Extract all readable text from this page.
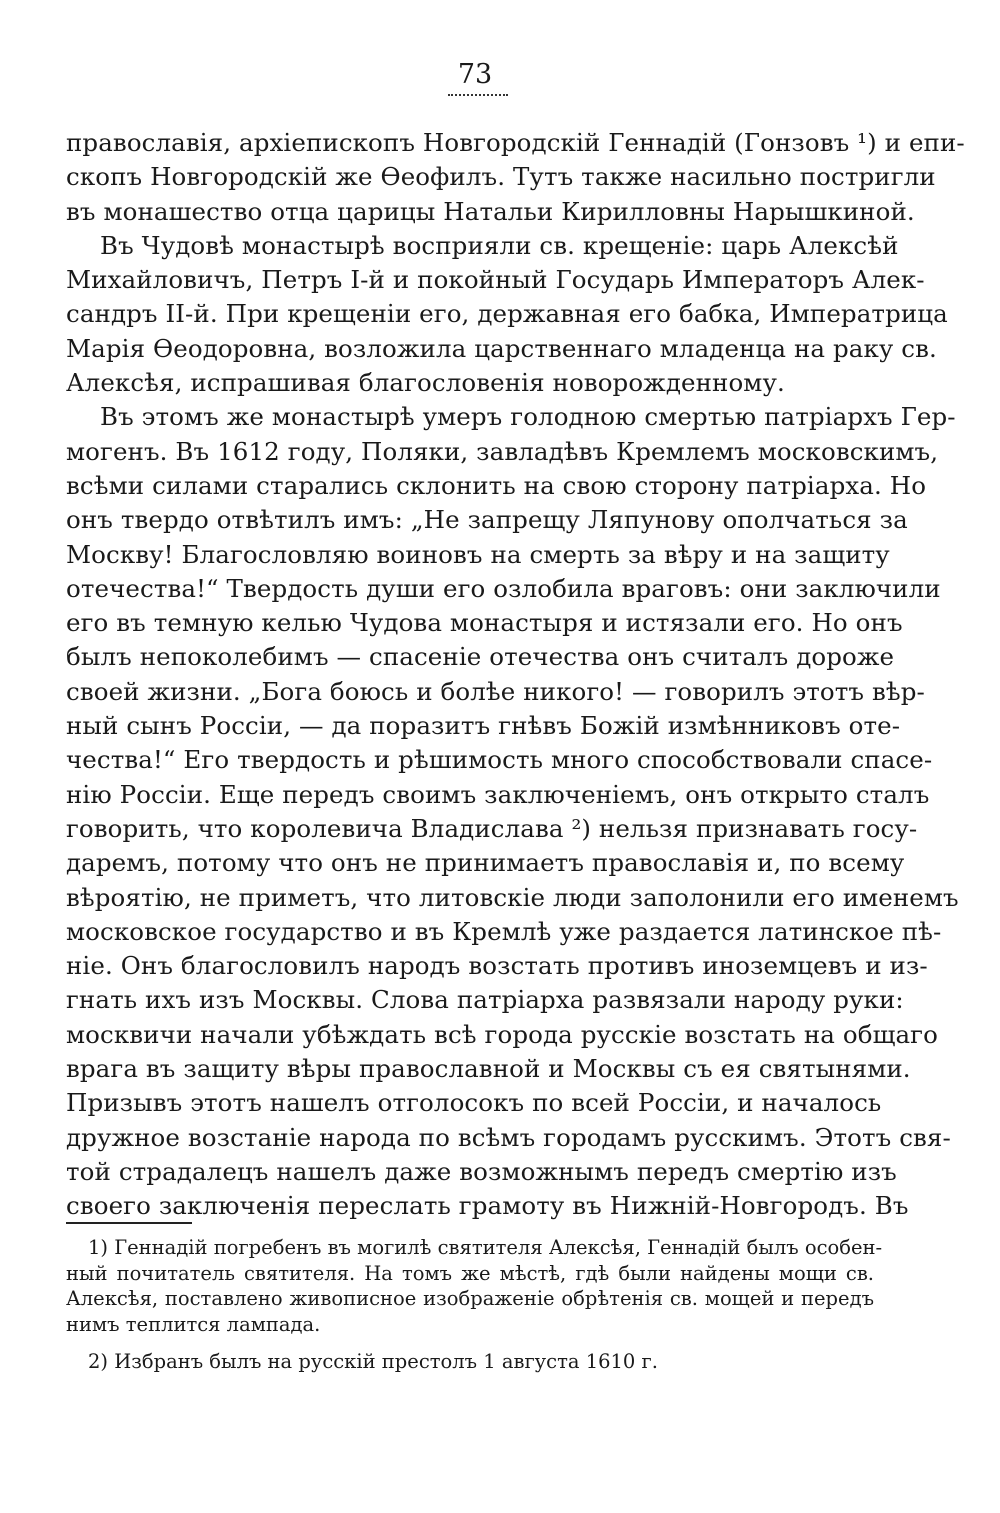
73
православія, архіепископъ Новгородскій Геннадій (Гонзовъ ¹) и епи-
скопъ Новгородскій же Ѳеофилъ. Тутъ также насильно постригли
въ монашество отца царицы Натальи Кирилловны Нарышкиной.
Въ Чудовѣ монастырѣ восприяли св. крещеніе: царь Алексѣй
Михайловичъ, Петръ I-й и покойный Государь Императоръ Алек-
сандръ II-й. При крещеніи его, державная его бабка, Императрица
Марія Ѳеодоровна, возложила царственнаго младенца на раку св.
Алексѣя, испрашивая благословенія новорожденному.
Въ этомъ же монастырѣ умеръ голодною смертью патріархъ Гер-
могенъ. Въ 1612 году, Поляки, завладѣвъ Кремлемъ московскимъ,
всѣми силами старались склонить на свою сторону патріарха. Но
онъ твердо отвѣтилъ имъ: „Не запрещу Ляпунову ополчаться за
Москву! Благословляю воиновъ на смерть за вѣру и на защиту
отечества!“ Твердость души его озлобила враговъ: они заключили
его въ темную келью Чудова монастыря и истязали его. Но онъ
былъ непоколебимъ — спасеніе отечества онъ считалъ дороже
своей жизни. „Бога боюсь и болѣе никого! — говорилъ этотъ вѣр-
ный сынъ Россіи, — да поразитъ гнѣвъ Божій измѣнниковъ оте-
чества!“ Его твердость и рѣшимость много способствовали спасе-
нію Россіи. Еще передъ своимъ заключеніемъ, онъ открыто сталъ
говорить, что королевича Владислава ²) нельзя признавать госу-
даремъ, потому что онъ не принимаетъ православія и, по всему
вѣроятію, не приметъ, что литовскіе люди заполонили его именемъ
московское государство и въ Кремлѣ уже раздается латинское пѣ-
ніе. Онъ благословилъ народъ возстать противъ иноземцевъ и из-
гнать ихъ изъ Москвы. Слова патріарха развязали народу руки:
москвичи начали убѣждать всѣ города русскіе возстать на общаго
врага въ защиту вѣры православной и Москвы съ ея святынями.
Призывъ этотъ нашелъ отголосокъ по всей Россіи, и началось
дружное возстаніе народа по всѣмъ городамъ русскимъ. Этотъ свя-
той страдалецъ нашелъ даже возможнымъ передъ смертію изъ
своего заключенія переслать грамоту въ Нижній-Новгородъ. Въ
1) Геннадій погребенъ въ могилѣ святителя Алексѣя, Геннадій былъ особен-
ный почитатель святителя. На томъ же мѣстѣ, гдѣ были найдены мощи св.
Алексѣя, поставлено живописное изображеніе обрѣтенія св. мощей и передъ
нимъ теплится лампада.
2) Избранъ былъ на русскій престолъ 1 августа 1610 г.
